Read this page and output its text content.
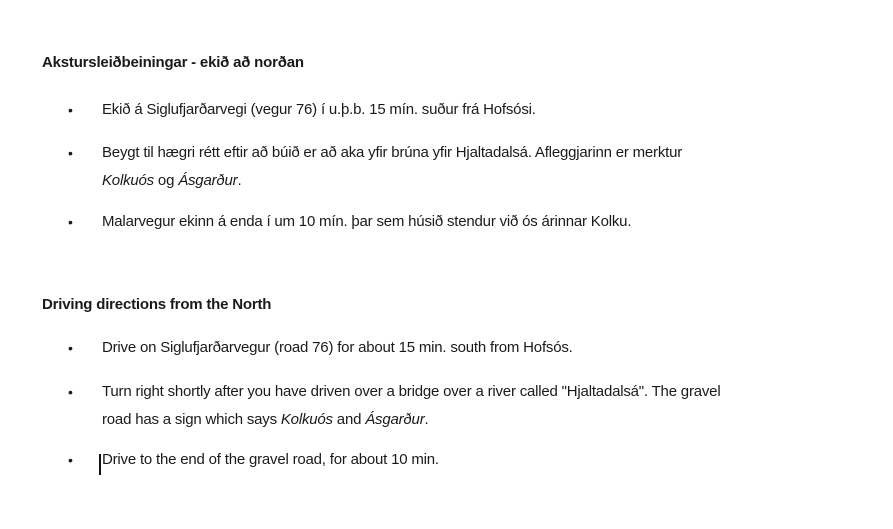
Akstursleiðbeiningar - ekið að norðan
•	Ekið á Siglufjarðarvegi (vegur 76) í u.þ.b. 15 mín. suður frá Hofsósi.
•	Beygt til hægri rétt eftir að búið er að aka yfir brúna yfir Hjaltadalsá. Afleggjarinn er merktur
Kolkuós og Ásgarður.
•	Malarvegur ekinn á enda í um 10 mín. þar sem húsið stendur við ós árinnar Kolku.
Driving directions from the North
•	Drive on Siglufjarðarvegur (road 76) for about 15 min. south from Hofsós.
•	Turn right shortly after you have driven over a bridge over a river called "Hjaltadalsá". The gravel
road has a sign which says Kolkuós and Ásgarður.
•	Drive to the end of the gravel road, for about 10 min.
